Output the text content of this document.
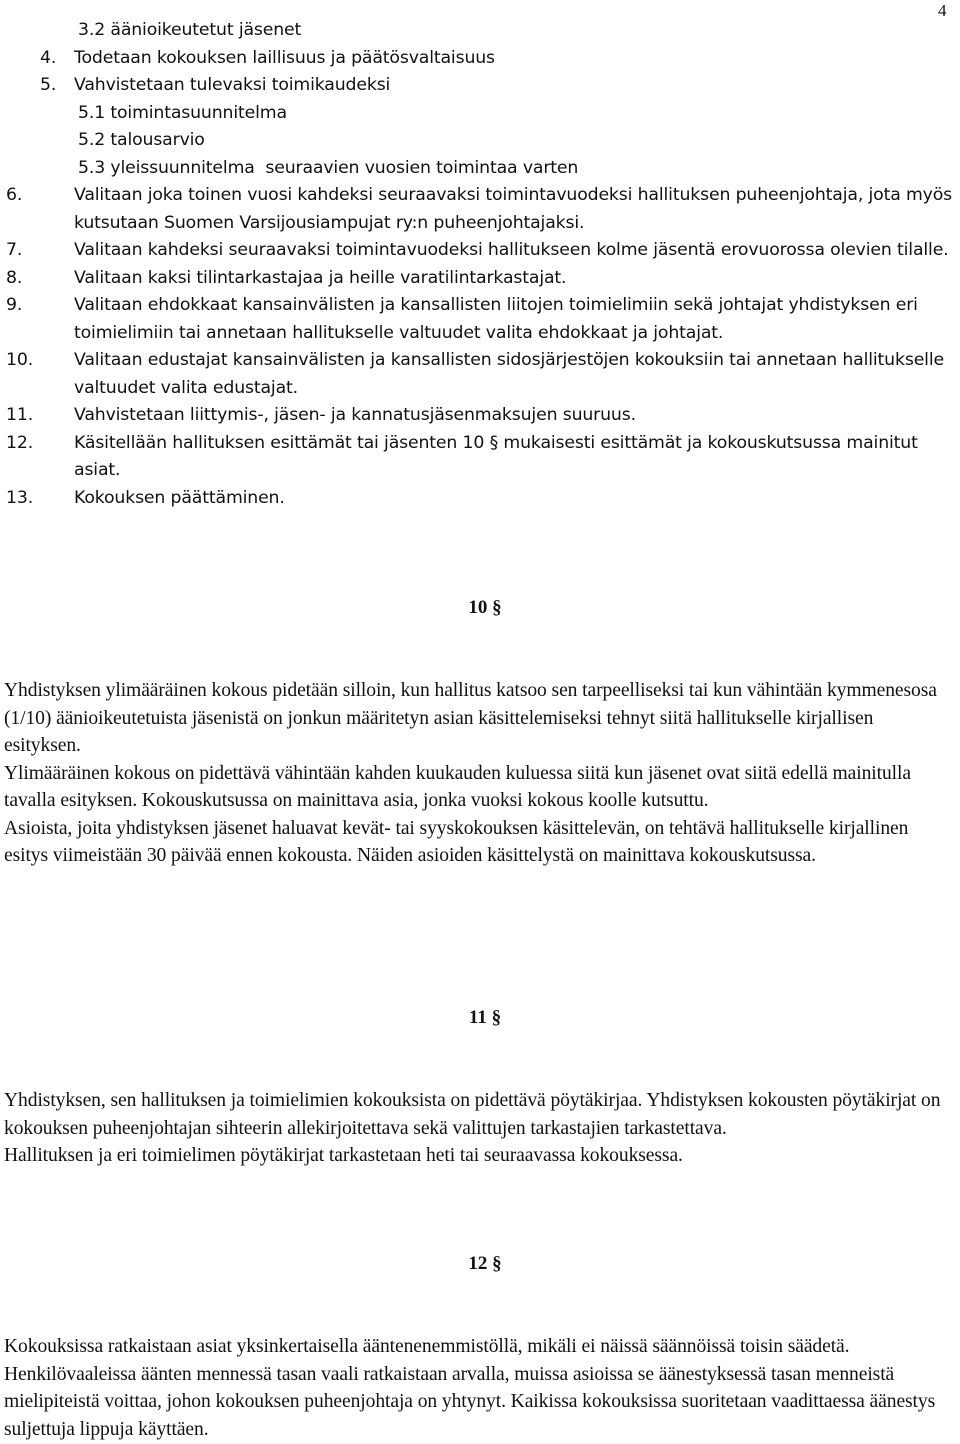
4
3.2 äänioikeutetut jäsenet
4. Todetaan kokouksen laillisuus ja päätösvaltaisuus
5. Vahvistetaan tulevaksi toimikaudeksi
5.1 toimintasuunnitelma
5.2 talousarvio
5.3 yleissuunnitelma  seuraavien vuosien toimintaa varten
6.	Valitaan joka toinen vuosi kahdeksi seuraavaksi toimintavuodeksi hallituksen puheenjohtaja, jota myös kutsutaan Suomen Varsijousiampujat ry:n puheenjohtajaksi.
7.	Valitaan kahdeksi seuraavaksi toimintavuodeksi hallitukseen kolme jäsentä erovuorossa olevien tilalle.
8.	Valitaan kaksi tilintarkastajaa ja heille varatilintarkastajat.
9.	Valitaan ehdokkaat kansainvälisten ja kansallisten liitojen toimielimiin sekä johtajat yhdistyksen eri toimielimiin tai annetaan hallitukselle valtuudet valita ehdokkaat ja johtajat.
10. Valitaan edustajat kansainvälisten ja kansallisten sidosjärjestöjen kokouksiin tai annetaan hallitukselle valtuudet valita edustajat.
11. Vahvistetaan liittymis-, jäsen- ja kannatusjäsenmaksujen suuruus.
12. Käsitellään hallituksen esittämät tai jäsenten 10 § mukaisesti esittämät ja kokouskutsussa mainitut asiat.
13. Kokouksen päättäminen.
10 §

Yhdistyksen ylimääräinen kokous pidetään silloin, kun hallitus katsoo sen tarpeelliseksi tai kun vähintään kymmenesosa (1/10) äänioikeutetuista jäsenistä on jonkun määritetyn asian käsittelemiseksi tehnyt siitä hallitukselle kirjallisen esityksen.

Ylimääräinen kokous on pidettävä vähintään kahden kuukauden kuluessa siitä kun jäsenet ovat siitä edellä mainitulla tavalla esityksen. Kokouskutsussa on mainittava asia, jonka vuoksi kokous koolle kutsuttu.

Asioista, joita yhdistyksen jäsenet haluavat kevät- tai syyskokouksen käsittelevän, on tehtävä hallitukselle kirjallinen esitys viimeistään 30 päivää ennen kokousta. Näiden asioiden käsittelystä on mainittava kokouskutsussa.

11 §

Yhdistyksen, sen hallituksen ja toimielimien kokouksista on pidettävä pöytäkirjaa. Yhdistyksen kokousten pöytäkirjat on kokouksen puheenjohtajan sihteerin allekirjoitettava sekä valittujen tarkastajien tarkastettava.

Hallituksen ja eri toimielimen pöytäkirjat tarkastetaan heti tai seuraavassa kokouksessa.

12 §

Kokouksissa ratkaistaan asiat yksinkertaisella ääntenenemmistöllä, mikäli ei näissä säännöissä toisin säädetä. Henkilövaaleissa äänten mennessä tasan vaali ratkaistaan arvalla, muissa asioissa se äänestyksessä tasan menneistä mielipiteistä voittaa, johon kokouksen puheenjohtaja on yhtynyt. Kaikissa kokouksissa suoritetaan vaadittaessa äänestys suljettuja lippuja käyttäen.
